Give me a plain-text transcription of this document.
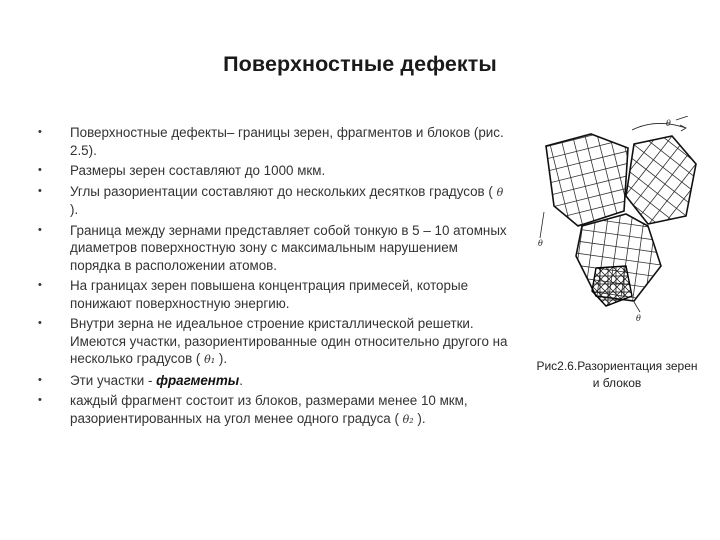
Поверхностные дефекты
•	Поверхностные дефекты– границы зерен, фрагментов и блоков (рис. 2.5).
•	Размеры зерен составляют до 1000 мкм.
•	Углы разориентации составляют до нескольких десятков градусов ( θ ).
•	Граница между зернами представляет собой тонкую в 5 – 10 атомных диаметров поверхностную зону с максимальным нарушением порядка в расположении атомов.
•	На границах зерен повышена концентрация примесей, которые понижают поверхностную энергию.
•	Внутри зерна не идеальное строение кристаллической решетки. Имеются участки, разориентированные один относительно другого на несколько градусов ( θ₁ ).
•	Эти участки - фрагменты.
•	каждый фрагмент состоит из блоков, размерами менее 10 мкм, разориентированных на угол менее одного градуса ( θ₂ ).
θ
θ
θ
Рис2.6.Разориентация зерен и блоков
